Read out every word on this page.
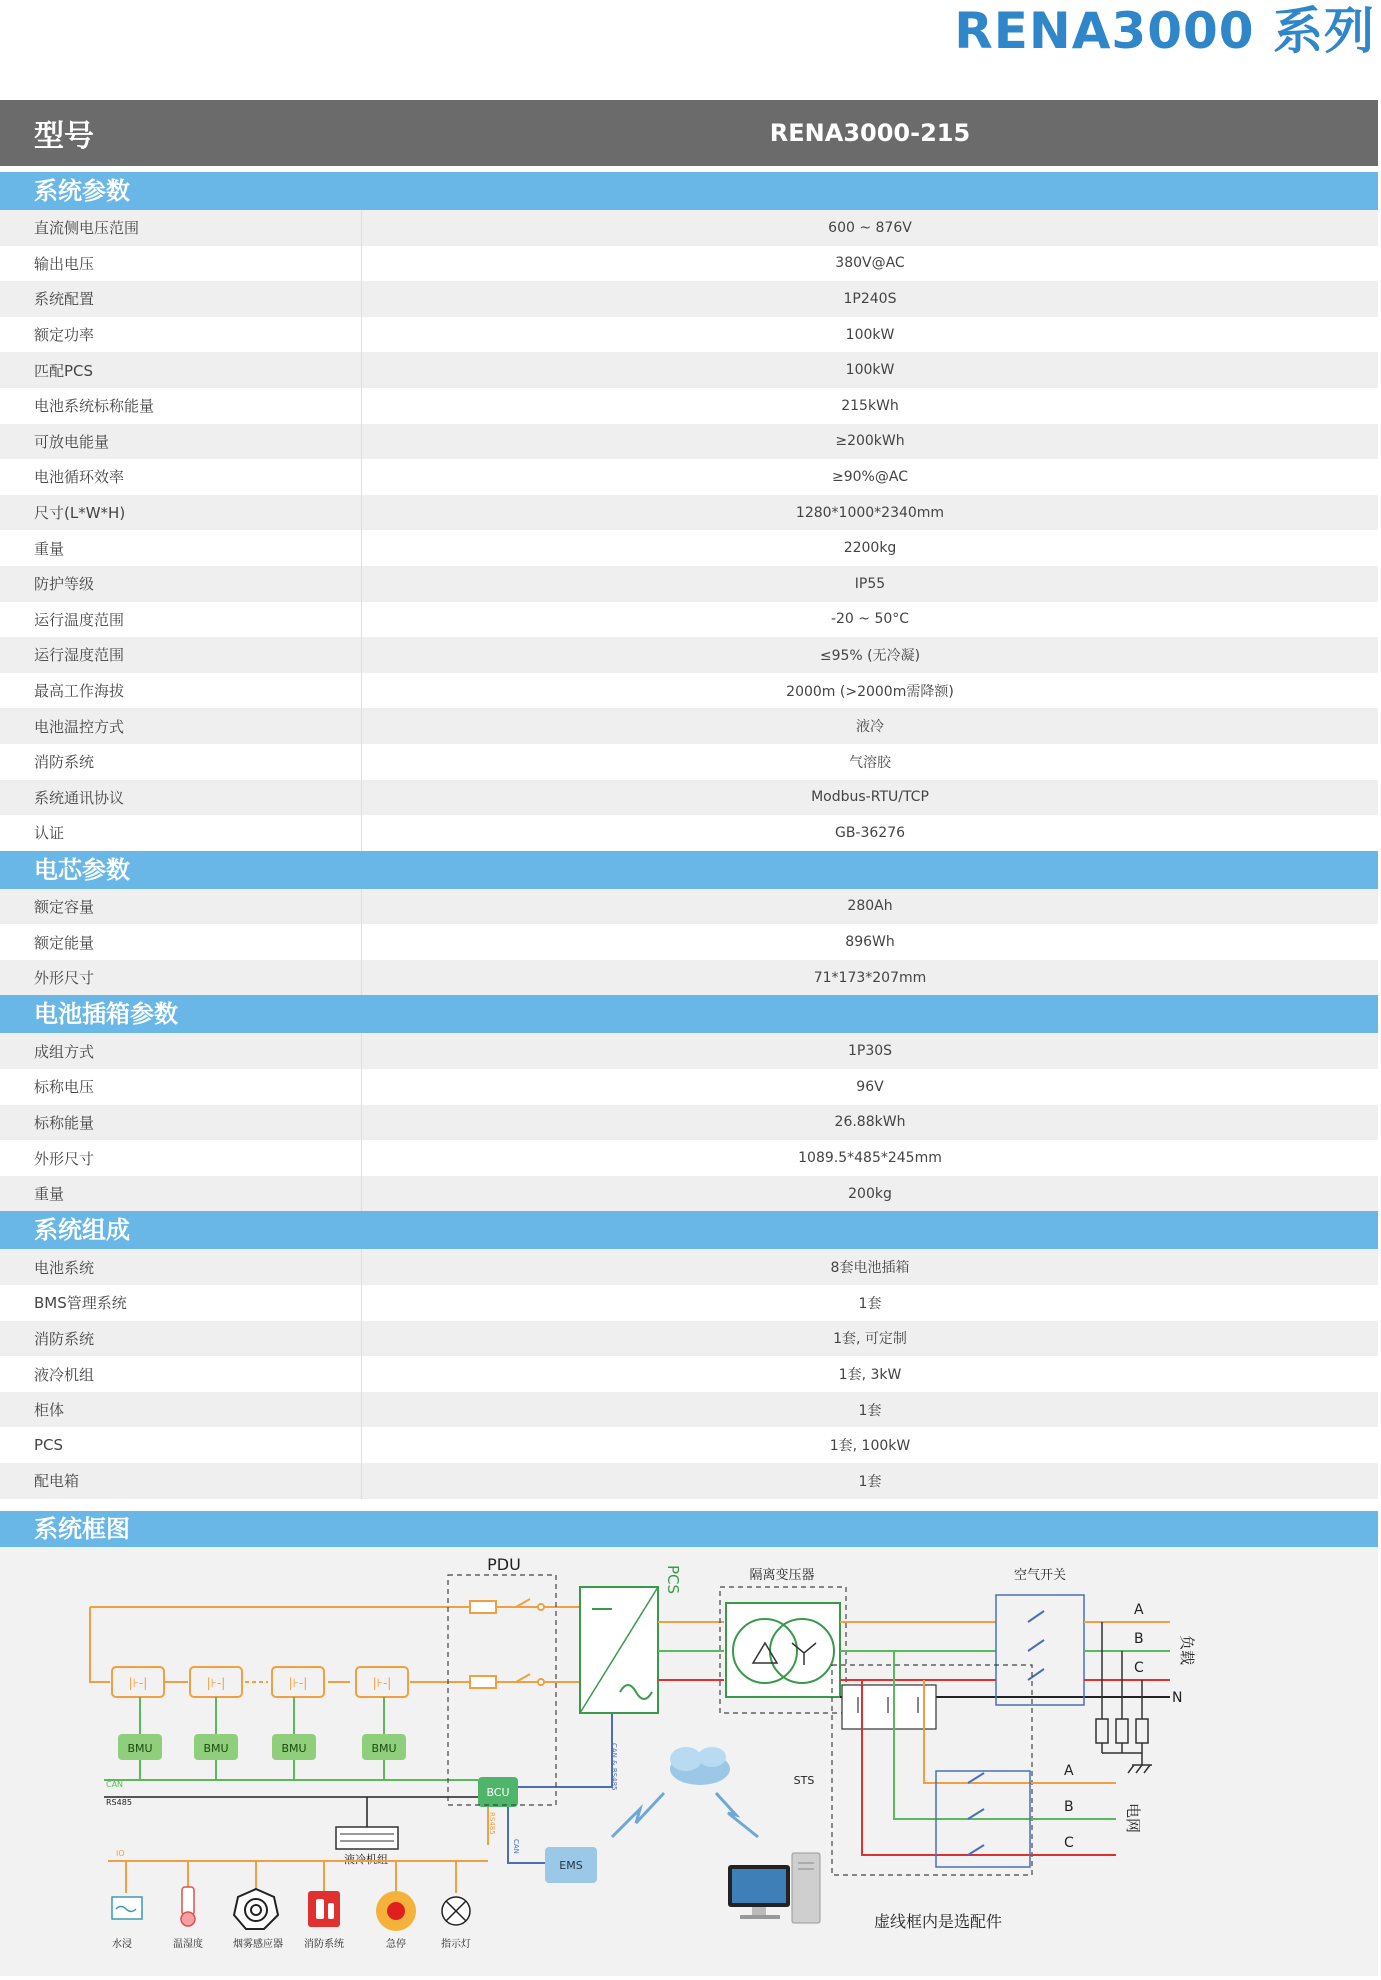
RENA3000 系列
型号	RENA3000-215
系统参数
直流侧电压范围	600 ~ 876V
输出电压	380V@AC
系统配置	1P240S
额定功率	100kW
匹配PCS	100kW
电池系统标称能量	215kWh
可放电能量	≥200kWh
电池循环效率	≥90%@AC
尺寸(L*W*H)	1280*1000*2340mm
重量	2200kg
防护等级	IP55
运行温度范围	-20 ~ 50°C
运行湿度范围	≤95% (无冷凝)
最高工作海拔	2000m (>2000m需降额)
电池温控方式	液冷
消防系统	气溶胶
系统通讯协议	Modbus-RTU/TCP
认证	GB-36276
电芯参数
额定容量	280Ah
额定能量	896Wh
外形尺寸	71*173*207mm
电池插箱参数
成组方式	1P30S
标称电压	96V
标称能量	26.88kWh
外形尺寸	1089.5*485*245mm
重量	200kg
系统组成
电池系统	8套电池插箱
BMS管理系统	1套
消防系统	1套, 可定制
液冷机组	1套, 3kW
柜体	1套
PCS	1套, 100kW
配电箱	1套
系统框图
|⊦-|	|⊦-|	|⊦-|	|⊦-|
BMU	BMU	BMU	BMU
CAN
RS485
BCU
CAN & RS485
CAN
RS485
PDU
PCS	隔离变压器	空气开关
A
B
C
N
负载
STS
A
B
C
电网
液冷机组
IO
水浸	温湿度	烟雾感应器 消防系统	急停	指示灯
EMS
虚线框内是选配件
